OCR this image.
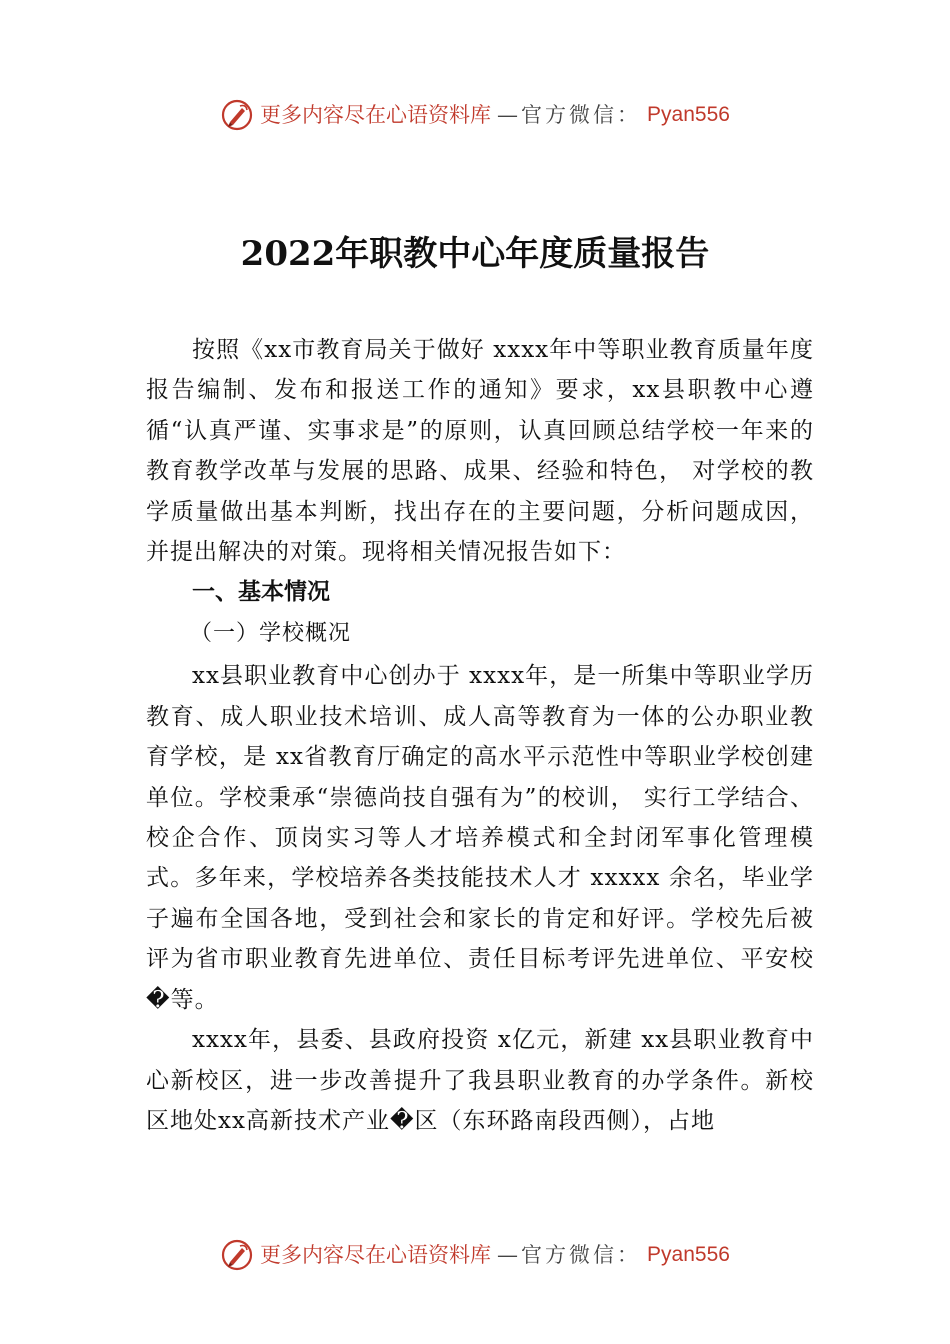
更多内容尽在心语资料库 —官方微信： Pyan556
2022年职教中心年度质量报告

按照《xx市教育局关于做好 xxxx年中等职业教育质量年度报告编制、发布和报送工作的通知》要求，xx县职教中心遵循“认真严谨、实事求是”的原则，认真回顾总结学校一年来的教育教学改革与发展的思路、成果、经验和特色， 对学校的教学质量做出基本判断，找出存在的主要问题，分析问题成因，并提出解决的对策。现将相关情况报告如下：

一、基本情况

（一）学校概况

xx县职业教育中心创办于 xxxx年，是一所集中等职业学历教育、成人职业技术培训、成人高等教育为一体的公办职业教育学校，是 xx省教育厅确定的高水平示范性中等职业学校创建单位。学校秉承“崇德尚技自强有为”的校训， 实行工学结合、校企合作、顶岗实习等人才培养模式和全封闭军事化管理模式。多年来，学校培养各类技能技术人才 xxxxx 余名，毕业学子遍布全国各地，受到社会和家长的肯定和好评。学校先后被评为省市职业教育先进单位、责任目标考评先进单位、平安校�等。

xxxx年，县委、县政府投资 x亿元，新建 xx县职业教育中心新校区，进一步改善提升了我县职业教育的办学条件。新校区地处xx高新技术产业�区（东环路南段西侧），占地

更多内容尽在心语资料库 —官方微信： Pyan556
